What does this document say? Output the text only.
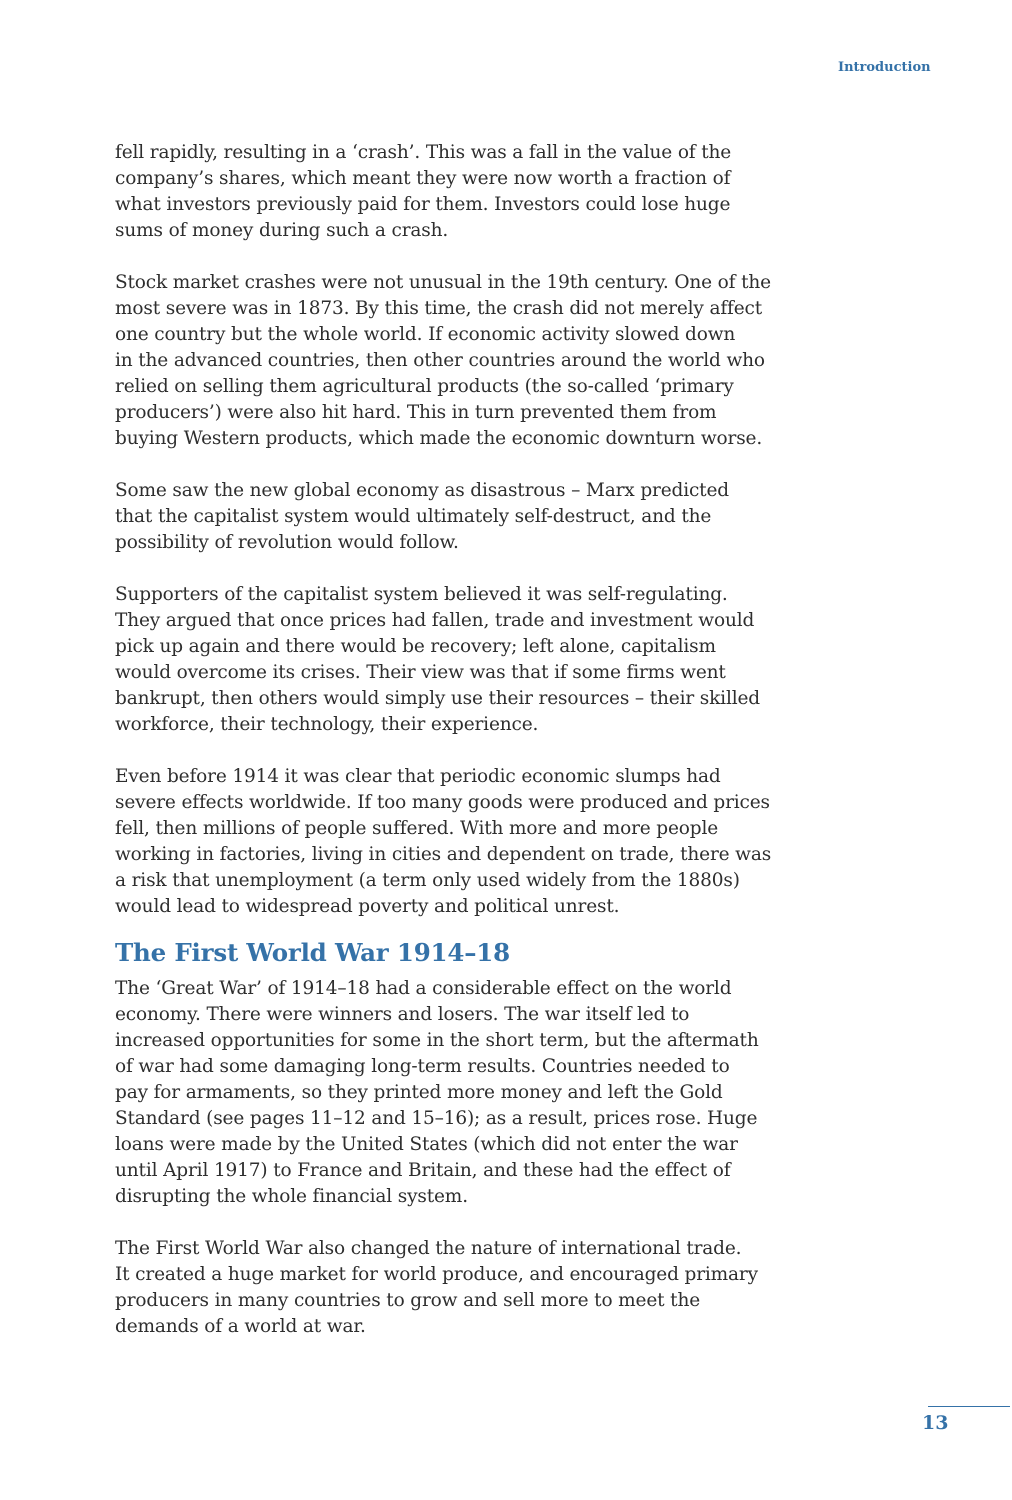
Introduction

fell rapidly, resulting in a ‘crash’. This was a fall in the value of the
company’s shares, which meant they were now worth a fraction of
what investors previously paid for them. Investors could lose huge
sums of money during such a crash.

Stock market crashes were not unusual in the 19th century. One of the
most severe was in 1873. By this time, the crash did not merely affect
one country but the whole world. If economic activity slowed down
in the advanced countries, then other countries around the world who
relied on selling them agricultural products (the so-called ‘primary
producers’) were also hit hard. This in turn prevented them from
buying Western products, which made the economic downturn worse.

Some saw the new global economy as disastrous – Marx predicted
that the capitalist system would ultimately self-destruct, and the
possibility of revolution would follow.

Supporters of the capitalist system believed it was self-regulating.
They argued that once prices had fallen, trade and investment would
pick up again and there would be recovery; left alone, capitalism
would overcome its crises. Their view was that if some firms went
bankrupt, then others would simply use their resources – their skilled
workforce, their technology, their experience.

Even before 1914 it was clear that periodic economic slumps had
severe effects worldwide. If too many goods were produced and prices
fell, then millions of people suffered. With more and more people
working in factories, living in cities and dependent on trade, there was
a risk that unemployment (a term only used widely from the 1880s)
would lead to widespread poverty and political unrest.

The First World War 1914–18

The ‘Great War’ of 1914–18 had a considerable effect on the world
economy. There were winners and losers. The war itself led to
increased opportunities for some in the short term, but the aftermath
of war had some damaging long-term results. Countries needed to
pay for armaments, so they printed more money and left the Gold
Standard (see pages 11–12 and 15–16); as a result, prices rose. Huge
loans were made by the United States (which did not enter the war
until April 1917) to France and Britain, and these had the effect of
disrupting the whole financial system.

The First World War also changed the nature of international trade.
It created a huge market for world produce, and encouraged primary
producers in many countries to grow and sell more to meet the
demands of a world at war.

13
